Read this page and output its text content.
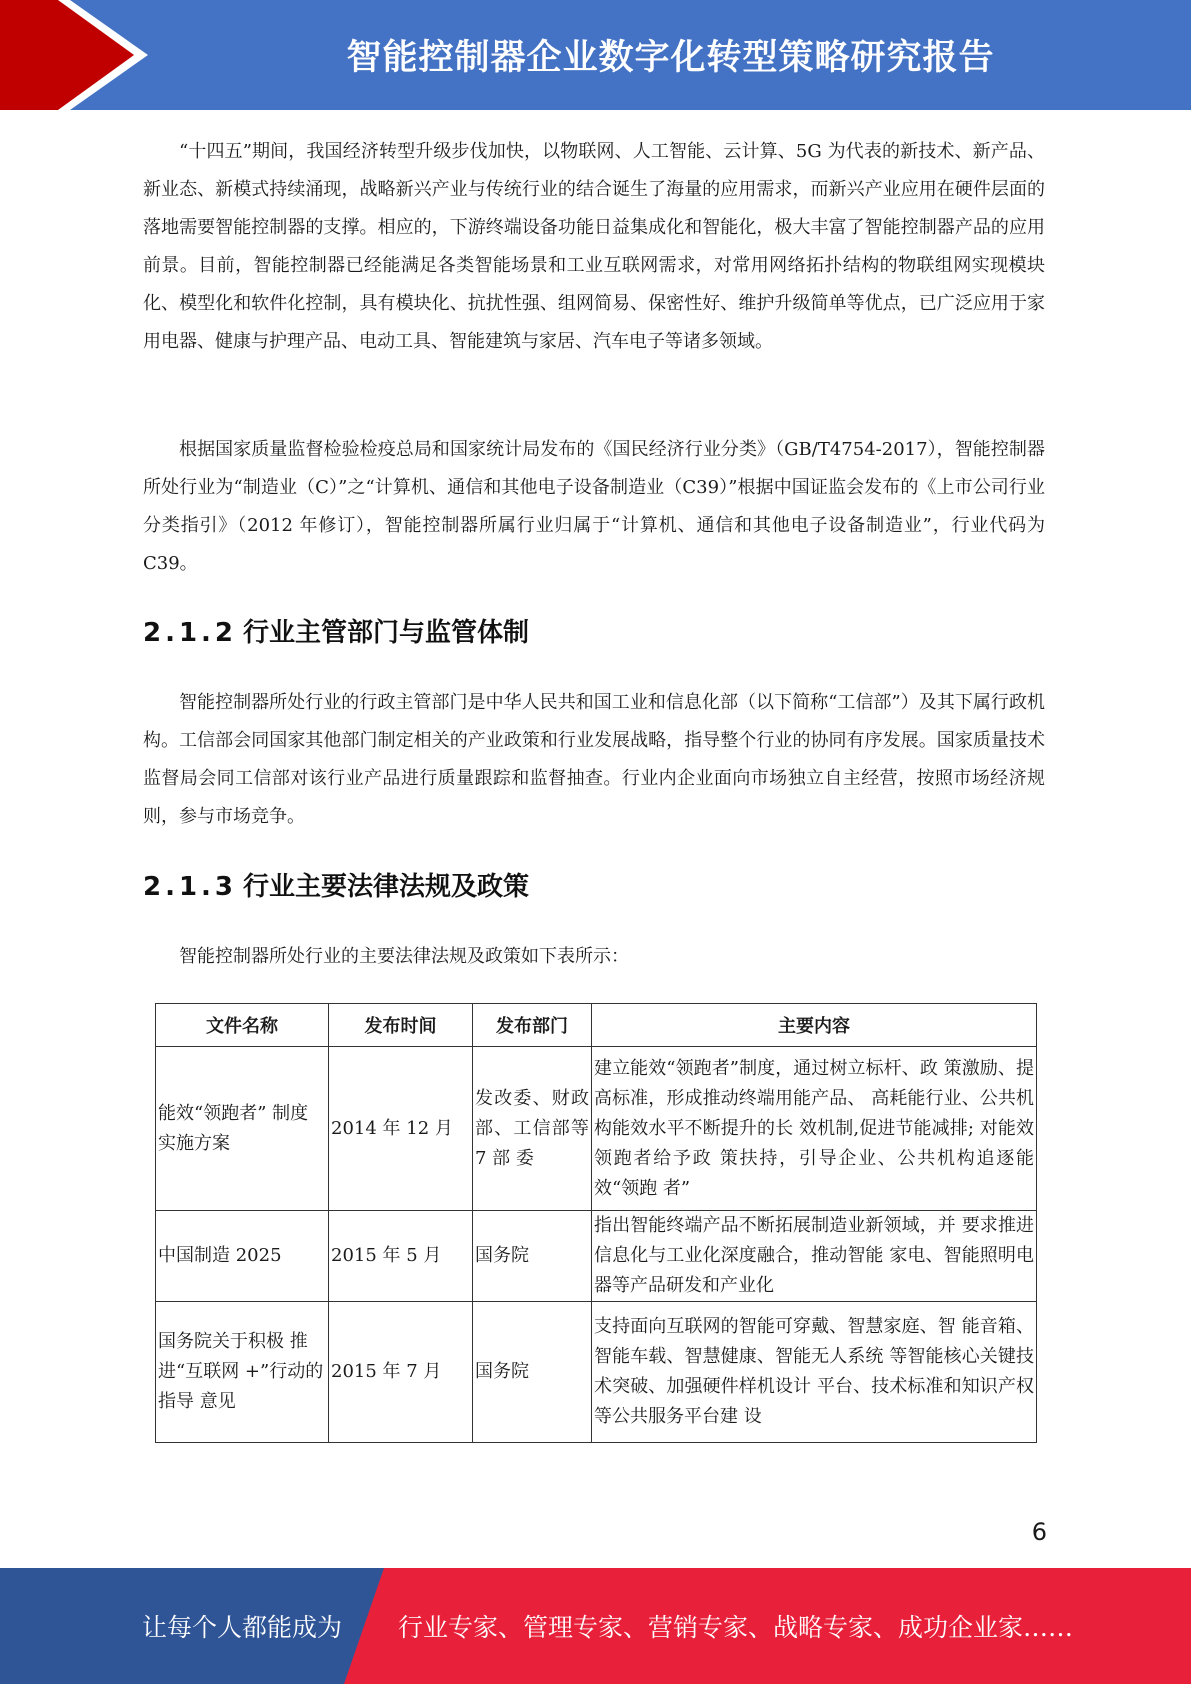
智能控制器企业数字化转型策略研究报告

“十四五”期间，我国经济转型升级步伐加快，以物联网、人工智能、云计算、5G 为代表的新技术、新产品、新业态、新模式持续涌现，战略新兴产业与传统行业的结合诞生了海量的应用需求，而新兴产业应用在硬件层面的落地需要智能控制器的支撑。相应的，下游终端设备功能日益集成化和智能化，极大丰富了智能控制器产品的应用前景。目前，智能控制器已经能满足各类智能场景和工业互联网需求，对常用网络拓扑结构的物联组网实现模块化、模型化和软件化控制，具有模块化、抗扰性强、组网简易、保密性好、维护升级简单等优点，已广泛应用于家用电器、健康与护理产品、电动工具、智能建筑与家居、汽车电子等诸多领域。

根据国家质量监督检验检疫总局和国家统计局发布的《国民经济行业分类》（GB/T4754-2017），智能控制器所处行业为“制造业（C）”之“计算机、通信和其他电子设备制造业（C39）”根据中国证监会发布的《上市公司行业分类指引》（2012 年修订），智能控制器所属行业归属于“计算机、通信和其他电子设备制造业”，行业代码为 C39。

2.1.2 行业主管部门与监管体制

智能控制器所处行业的行政主管部门是中华人民共和国工业和信息化部（以下简称“工信部”）及其下属行政机构。工信部会同国家其他部门制定相关的产业政策和行业发展战略，指导整个行业的协同有序发展。国家质量技术监督局会同工信部对该行业产品进行质量跟踪和监督抽查。行业内企业面向市场独立自主经营，按照市场经济规则，参与市场竞争。

2.1.3 行业主要法律法规及政策

智能控制器所处行业的主要法律法规及政策如下表所示：

文件名称	发布时间	发布部门	主要内容
能效“领跑者” 制度实施方案	2014 年 12 月	发改委、财政部、工信部等 7 部 委	建立能效“领跑者”制度，通过树立标杆、政 策激励、提高标准，形成推动终端用能产品、 高耗能行业、公共机构能效水平不断提升的长 效机制,促进节能减排; 对能效领跑者给予政 策扶持，引导企业、公共机构追逐能效“领跑 者”
中国制造 2025	2015 年 5 月	国务院	指出智能终端产品不断拓展制造业新领域，并 要求推进信息化与工业化深度融合，推动智能 家电、智能照明电器等产品研发和产业化
国务院关于积极 推进“互联网 +”行动的指导 意见	2015 年 7 月	国务院	支持面向互联网的智能可穿戴、智慧家庭、智 能音箱、智能车载、智慧健康、智能无人系统 等智能核心关键技术突破、加强硬件样机设计 平台、技术标准和知识产权等公共服务平台建 设
6
让每个人都能成为 行业专家、管理专家、营销专家、战略专家、成功企业家……
